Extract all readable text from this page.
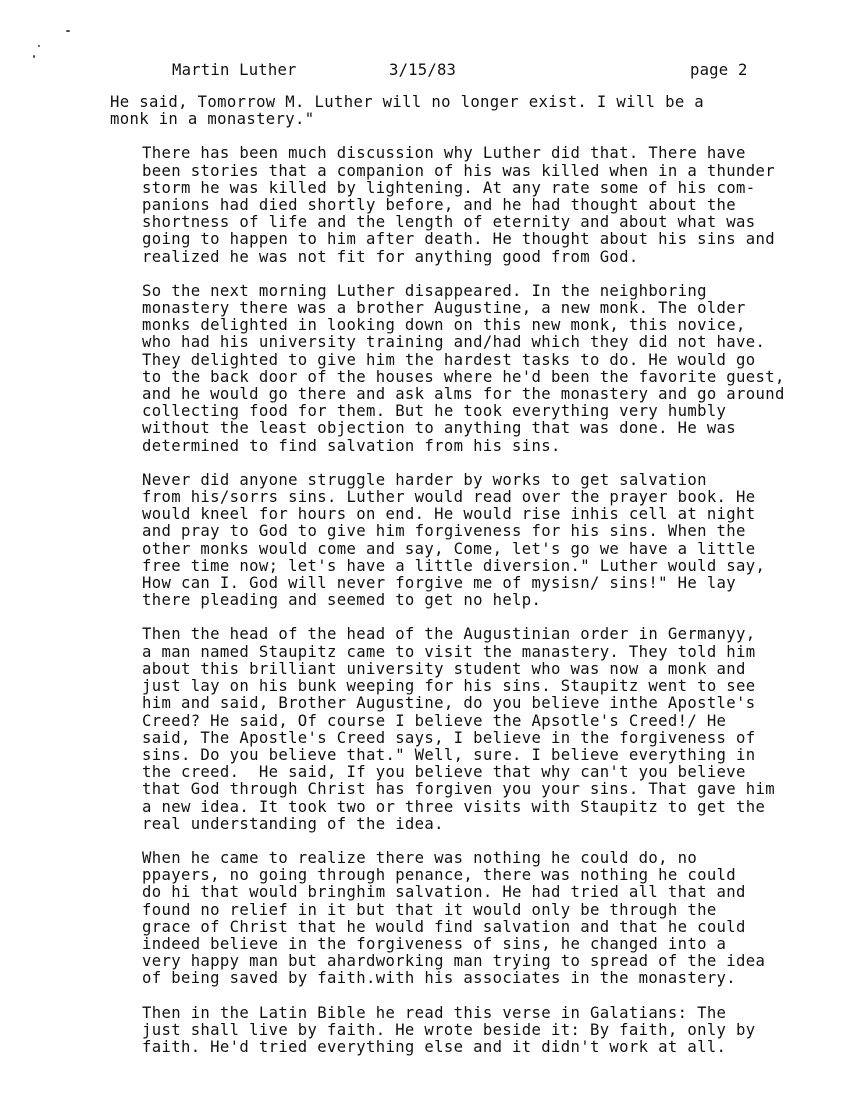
Martin Luther	3/15/83	page 2

He said, Tomorrow M. Luther will no longer exist. I will be a
monk in a monastery."

There has been much discussion why Luther did that. There have
been stories that a companion of his was killed when in a thunder
storm he was killed by lightening. At any rate some of his com-
panions had died shortly before, and he had thought about the
shortness of life and the length of eternity and about what was
going to happen to him after death. He thought about his sins and
realized he was not fit for anything good from God.

So the next morning Luther disappeared. In the neighboring
monastery there was a brother Augustine, a new monk. The older
monks delighted in looking down on this new monk, this novice,
who had his university training and/had which they did not have.
They delighted to give him the hardest tasks to do. He would go
to the back door of the houses where he'd been the favorite guest,
and he would go there and ask alms for the monastery and go around
collecting food for them. But he took everything very humbly
without the least objection to anything that was done. He was
determined to find salvation from his sins.

Never did anyone struggle harder by works to get salvation
from his/sorrs sins. Luther would read over the prayer book. He
would kneel for hours on end. He would rise inhis cell at night
and pray to God to give him forgiveness for his sins. When the
other monks would come and say, Come, let's go we have a little
free time now; let's have a little diversion." Luther would say,
How can I. God will never forgive me of mysisn/ sins!" He lay
there pleading and seemed to get no help.

Then the head of the head of the Augustinian order in Germanyy,
a man named Staupitz came to visit the manastery. They told him
about this brilliant university student who was now a monk and
just lay on his bunk weeping for his sins. Staupitz went to see
him and said, Brother Augustine, do you believe inthe Apostle's
Creed? He said, Of course I believe the Apsotle's Creed!/ He
said, The Apostle's Creed says, I believe in the forgiveness of
sins. Do you believe that." Well, sure. I believe everything in
the creed.  He said, If you believe that why can't you believe
that God through Christ has forgiven you your sins. That gave him
a new idea. It took two or three visits with Staupitz to get the
real understanding of the idea.

When he came to realize there was nothing he could do, no
ppayers, no going through penance, there was nothing he could
do hi that would bringhim salvation. He had tried all that and
found no relief in it but that it would only be through the
grace of Christ that he would find salvation and that he could
indeed believe in the forgiveness of sins, he changed into a
very happy man but ahardworking man trying to spread of the idea
of being saved by faith.with his associates in the monastery.

Then in the Latin Bible he read this verse in Galatians: The
just shall live by faith. He wrote beside it: By faith, only by
faith. He'd tried everything else and it didn't work at all.
